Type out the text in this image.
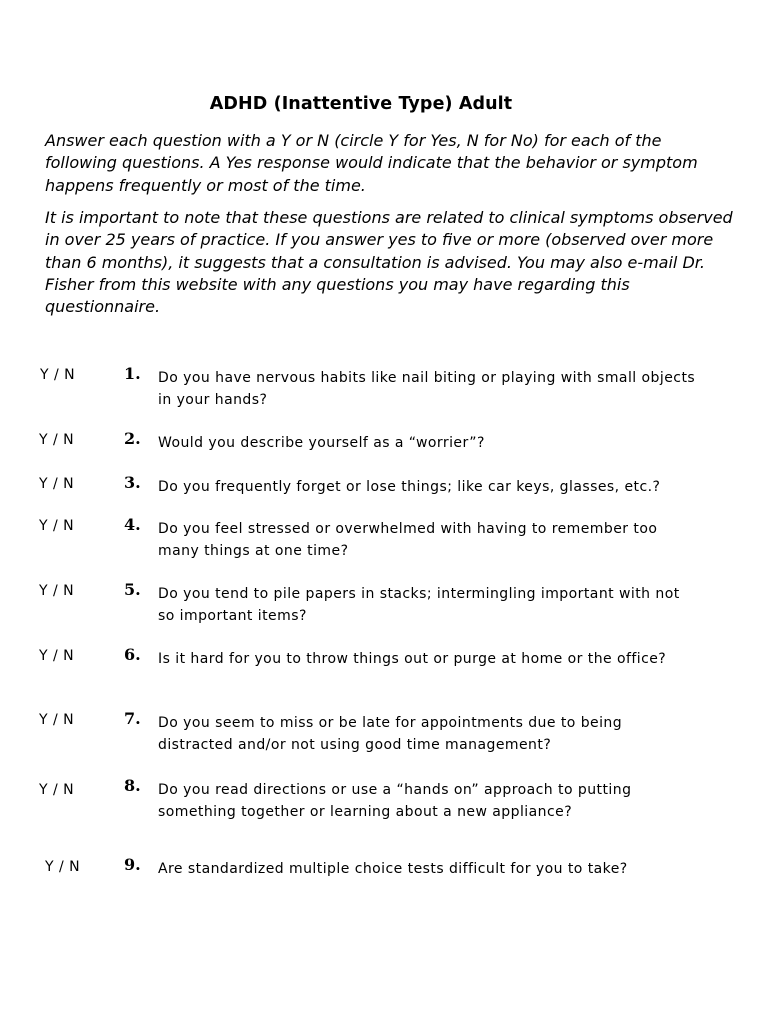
ADHD (Inattentive Type) Adult

Answer each question with a Y or N (circle Y for Yes, N for No) for each of the following questions. A Yes response would indicate that the behavior or symptom happens frequently or most of the time.

It is important to note that these questions are related to clinical symptoms observed in over 25 years of practice. If you answer yes to five or more (observed over more than 6 months), it suggests that a consultation is advised. You may also e-mail Dr. Fisher from this website with any questions you may have regarding this questionnaire.

Y / N	1. Do you have nervous habits like nail biting or playing with small objects in your hands?
Y / N	2. Would you describe yourself as a “worrier”?
Y / N	3. Do you frequently forget or lose things; like car keys, glasses, etc.?
Y / N	4. Do you feel stressed or overwhelmed with having to remember too many things at one time?
Y / N	5. Do you tend to pile papers in stacks; intermingling important with not so important items?
Y / N	6. Is it hard for you to throw things out or purge at home or the office?
Y / N	7. Do you seem to miss or be late for appointments due to being distracted and/or not using good time management?
Y / N	8. Do you read directions or use a “hands on” approach to putting something together or learning about a new appliance?
Y / N	9. Are standardized multiple choice tests difficult for you to take?
